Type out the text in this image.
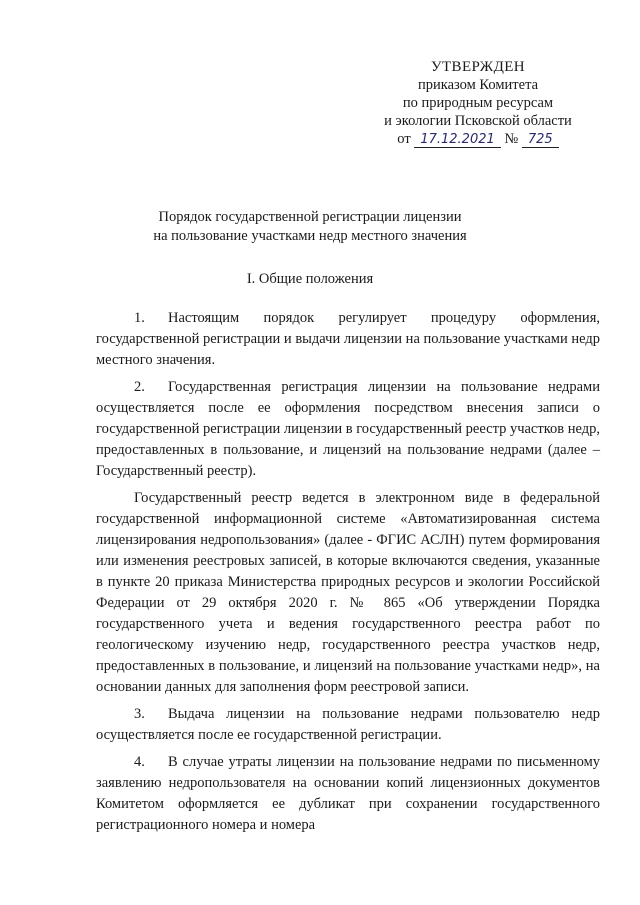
УТВЕРЖДЕН
приказом Комитета
по природным ресурсам
и экологии Псковской области
от 17.12.2021 № 725
Порядок государственной регистрации лицензии
на пользование участками недр местного значения
I. Общие положения

1. Настоящим порядок регулирует процедуру оформления, государственной регистрации и выдачи лицензии на пользование участками недр местного значения.

2. Государственная регистрация лицензии на пользование недрами осуществляется после ее оформления посредством внесения записи о государственной регистрации лицензии в государственный реестр участков недр, предоставленных в пользование, и лицензий на пользование недрами (далее – Государственный реестр).

Государственный реестр ведется в электронном виде в федеральной государственной информационной системе «Автоматизированная система лицензирования недропользования» (далее - ФГИС АСЛН) путем формирования или изменения реестровых записей, в которые включаются сведения, указанные в пункте 20 приказа Министерства природных ресурсов и экологии Российской Федерации от 29 октября 2020 г. № 865 «Об утверждении Порядка государственного учета и ведения государственного реестра работ по геологическому изучению недр, государственного реестра участков недр, предоставленных в пользование, и лицензий на пользование участками недр», на основании данных для заполнения форм реестровой записи.

3. Выдача лицензии на пользование недрами пользователю недр осуществляется после ее государственной регистрации.

4. В случае утраты лицензии на пользование недрами по письменному заявлению недропользователя на основании копий лицензионных документов Комитетом оформляется ее дубликат при сохранении государственного регистрационного номера и номера
